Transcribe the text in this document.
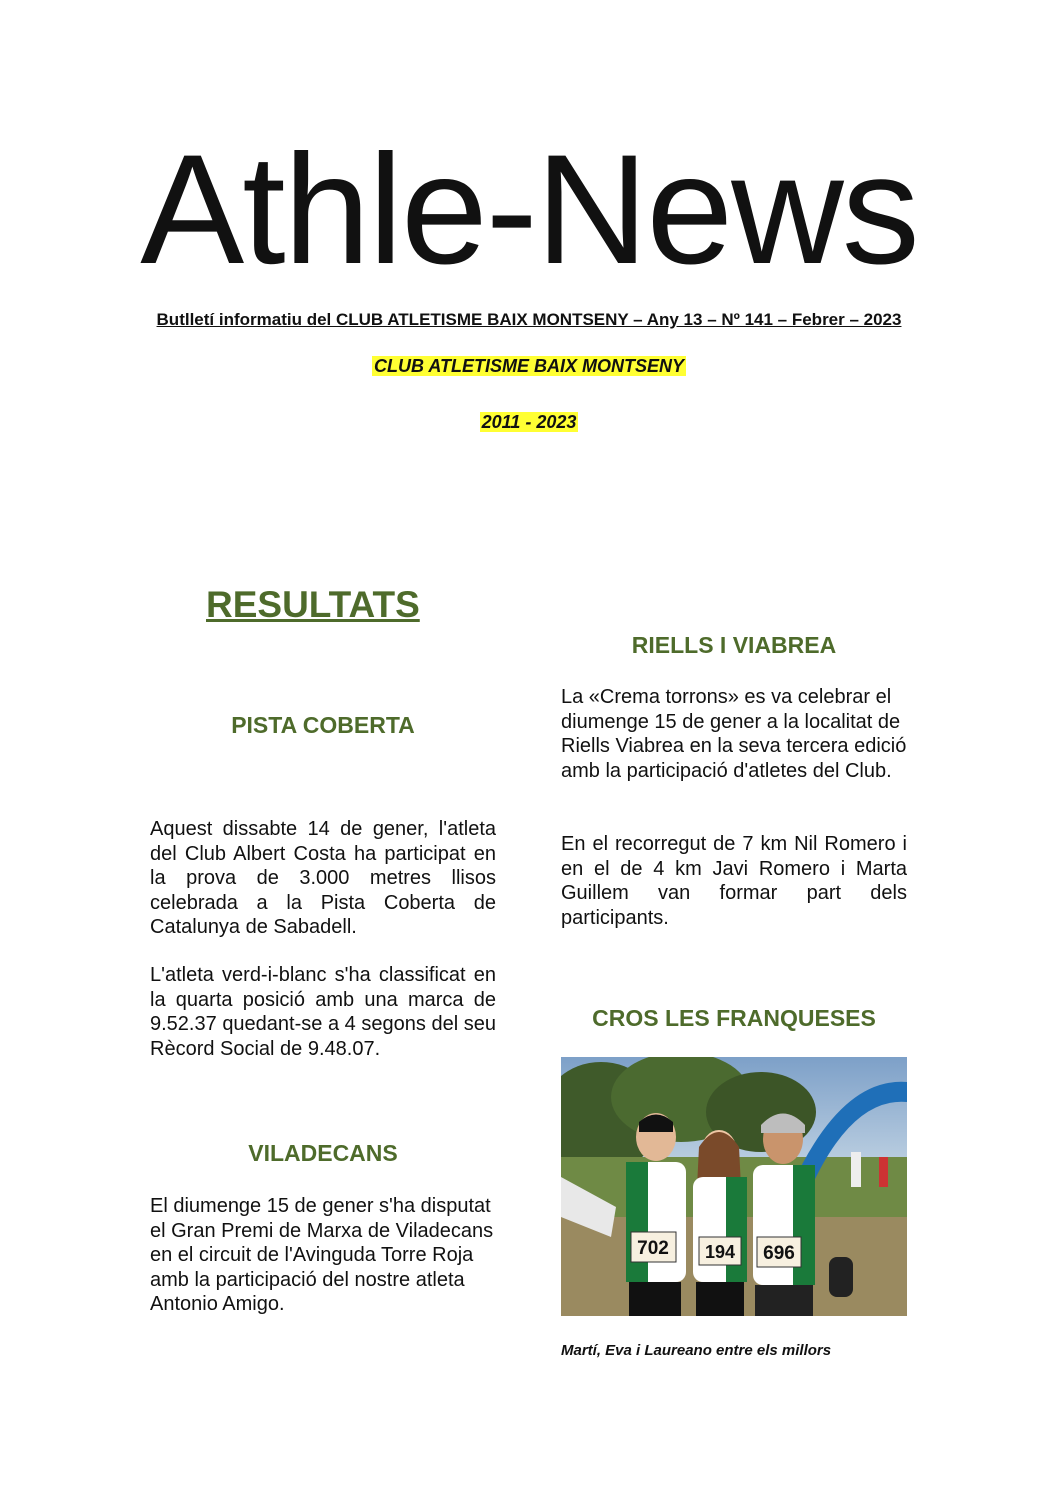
Athle-News
Butlletí informatiu del CLUB ATLETISME BAIX MONTSENY – Any 13 – Nº 141 – Febrer – 2023
CLUB ATLETISME BAIX MONTSENY
2011 - 2023
RESULTATS
PISTA COBERTA
Aquest dissabte 14 de gener, l'atleta del Club Albert Costa ha participat en la prova de 3.000 metres llisos celebrada a la Pista Coberta de Catalunya de Sabadell.
L'atleta verd-i-blanc s'ha classificat en la quarta posició amb una marca de 9.52.37 quedant-se a 4 segons del seu Rècord Social de 9.48.07.
VILADECANS
El diumenge 15 de gener s'ha disputat el Gran Premi de Marxa de Viladecans en el circuit de l'Avinguda Torre Roja amb la participació del nostre atleta Antonio Amigo.
RIELLS I VIABREA
La «Crema torrons» es va celebrar el diumenge 15 de gener a la localitat de Riells Viabrea en la seva tercera edició amb la participació d'atletes del Club.
En el recorregut de 7 km Nil Romero i en el de 4 km Javi Romero i Marta Guillem van formar part dels participants.
CROS LES FRANQUESES
702 194 696
Martí, Eva i Laureano entre els millors
